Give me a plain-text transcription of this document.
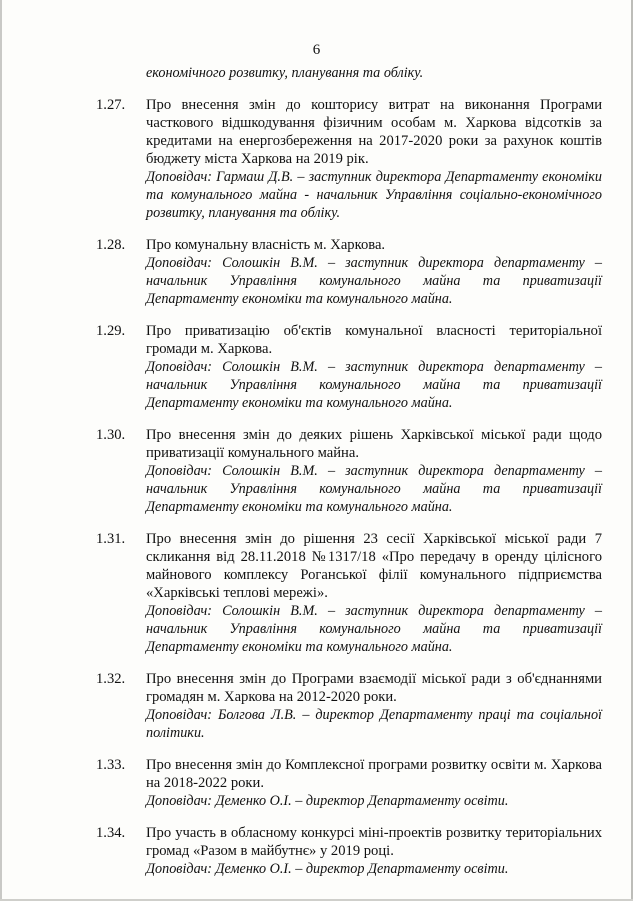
6
економічного розвитку, планування та обліку.
1.27.	Про внесення змін до кошторису витрат на виконання Програми часткового відшкодування фізичним особам м. Харкова відсотків за кредитами на енергозбереження на 2017-2020 роки за рахунок коштів бюджету міста Харкова на 2019 рік.
Доповідач: Гармаш Д.В. – заступник директора Департаменту економіки та комунального майна - начальник Управління соціально-економічного розвитку, планування та обліку.
1.28.	Про комунальну власність м. Харкова.
Доповідач: Солошкін В.М. – заступник директора департаменту – начальник Управління комунального майна та приватизації Департаменту економіки та комунального майна.
1.29.	Про приватизацію об'єктів комунальної власності територіальної громади м. Харкова.
Доповідач: Солошкін В.М. – заступник директора департаменту – начальник Управління комунального майна та приватизації Департаменту економіки та комунального майна.
1.30.	Про внесення змін до деяких рішень Харківської міської ради щодо приватизації комунального майна.
Доповідач: Солошкін В.М. – заступник директора департаменту – начальник Управління комунального майна та приватизації Департаменту економіки та комунального майна.
1.31.	Про внесення змін до рішення 23 сесії Харківської міської ради 7 скликання від 28.11.2018 №1317/18 «Про передачу в оренду цілісного майнового комплексу Роганської філії комунального підприємства «Харківські теплові мережі».
Доповідач: Солошкін В.М. – заступник директора департаменту – начальник Управління комунального майна та приватизації Департаменту економіки та комунального майна.
1.32.	Про внесення змін до Програми взаємодії міської ради з об'єднаннями громадян м. Харкова на 2012-2020 роки.
Доповідач: Болгова Л.В. – директор Департаменту праці та соціальної політики.
1.33.	Про внесення змін до Комплексної програми розвитку освіти м. Харкова на 2018-2022 роки.
Доповідач: Деменко О.І. – директор Департаменту освіти.
1.34.	Про участь в обласному конкурсі міні-проектів розвитку територіальних громад «Разом в майбутнє» у 2019 році.
Доповідач: Деменко О.І. – директор Департаменту освіти.
